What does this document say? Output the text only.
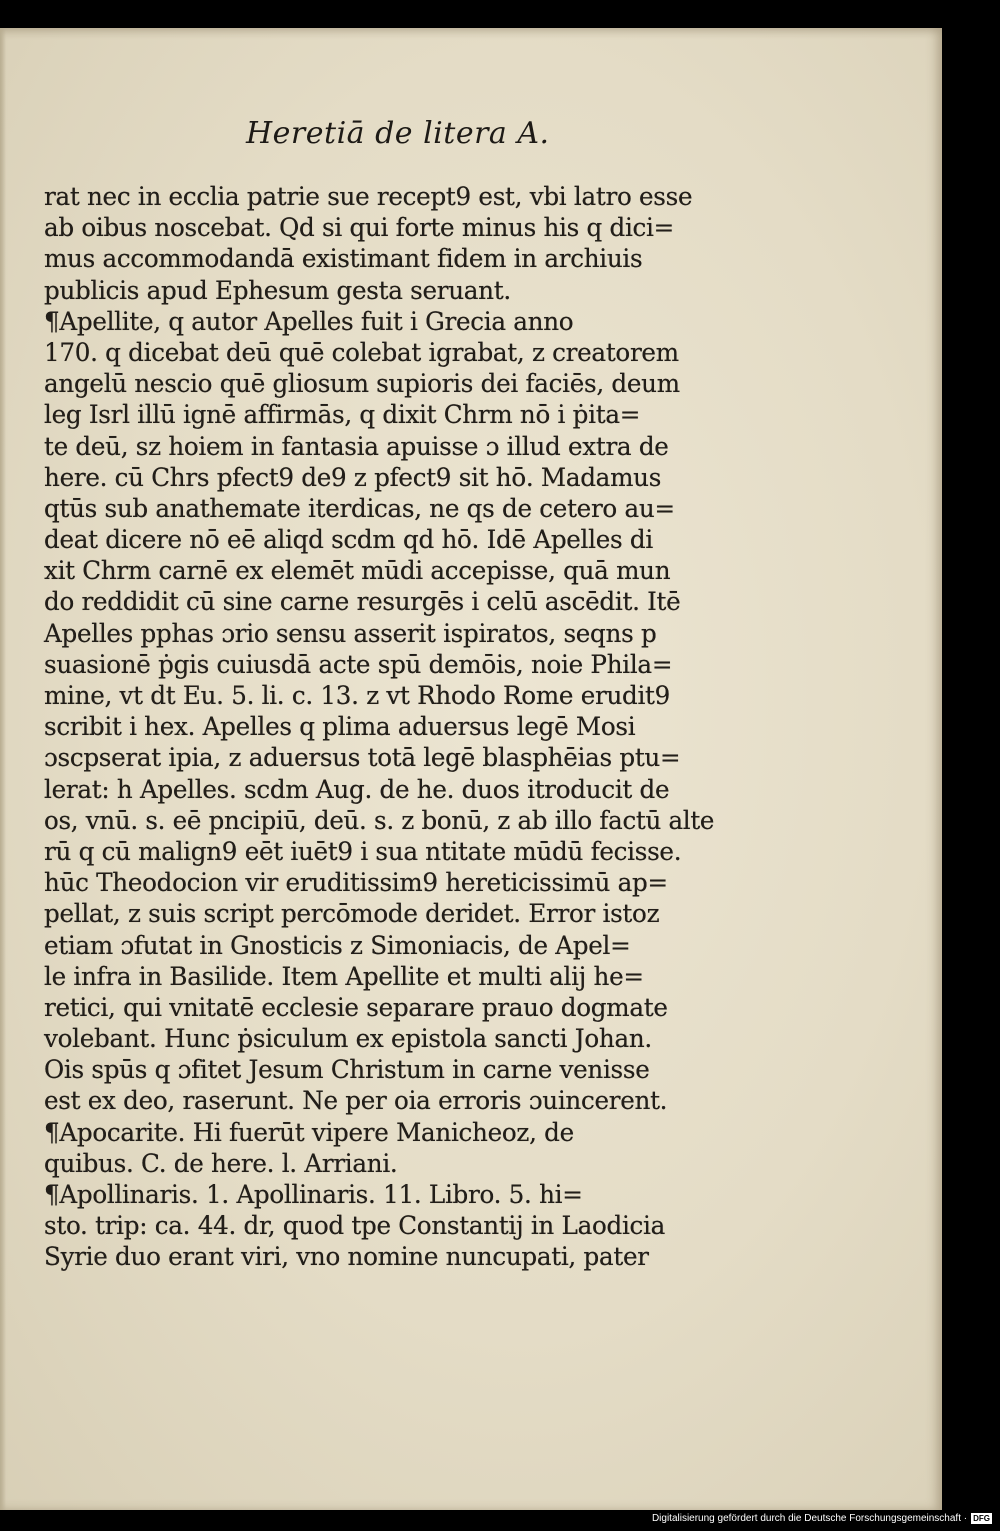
Heretiā de litera A.
rat nec in ecclia patrie sue recept9 est, vbi latro esse
ab oibus noscebat. Qd si qui forte minus his q dici=
mus accommodandā existimant fidem in archiuis
publicis apud Ephesum gesta seruant.
¶Apellite, q autor Apelles fuit i Grecia anno
170. q dicebat deū quē colebat igrabat, z creatorem
angelū nescio quē gliosum supioris dei faciēs, deum
leg Isrl illū ignē affirmās, q dixit Chrm nō i ṗita=
te deū, sz hoiem in fantasia apuisse ɔ illud extra de
here. cū Chrs pfect9 de9 z pfect9 sit hō. Madamus
qtūs sub anathemate iterdicas, ne qs de cetero au=
deat dicere nō eē aliqd scdm qd hō. Idē Apelles di
xit Chrm carnē ex elemēt mūdi accepisse, quā mun
do reddidit cū sine carne resurgēs i celū ascēdit. Itē
Apelles pphas ɔrio sensu asserit ispiratos, seqns p
suasionē ṗgis cuiusdā acte spū demōis, noie Phila=
mine, vt dt Eu. 5. li. c. 13. z vt Rhodo Rome erudit9
scribit i hex. Apelles q plima aduersus legē Mosi
ɔscpserat ipia, z aduersus totā legē blasphēias ptu=
lerat: h Apelles. scdm Aug. de he. duos itroducit de
os, vnū. s. eē pncipiū, deū. s. z bonū, z ab illo factū alte
rū q cū malign9 eēt iuēt9 i sua ntitate mūdū fecisse.
hūc Theodocion vir eruditissim9 hereticissimū ap=
pellat, z suis script percōmode deridet. Error istoz
etiam ɔfutat in Gnosticis z Simoniacis, de Apel=
le infra in Basilide. Item Apellite et multi alij he=
retici, qui vnitatē ecclesie separare prauo dogmate
volebant. Hunc ṗsiculum ex epistola sancti Johan.
Ois spūs q ɔfitet Jesum Christum in carne venisse
est ex deo, raserunt. Ne per oia erroris ɔuincerent.
¶Apocarite. Hi fuerūt vipere Manicheoz, de
quibus. C. de here. l. Arriani.
¶Apollinaris. 1. Apollinaris. 11. Libro. 5. hi=
sto. trip: ca. 44. dr, quod tpe Constantij in Laodicia
Syrie duo erant viri, vno nomine nuncupati, pater
Digitalisierung gefördert durch die Deutsche Forschungsgemeinschaft · DFG
